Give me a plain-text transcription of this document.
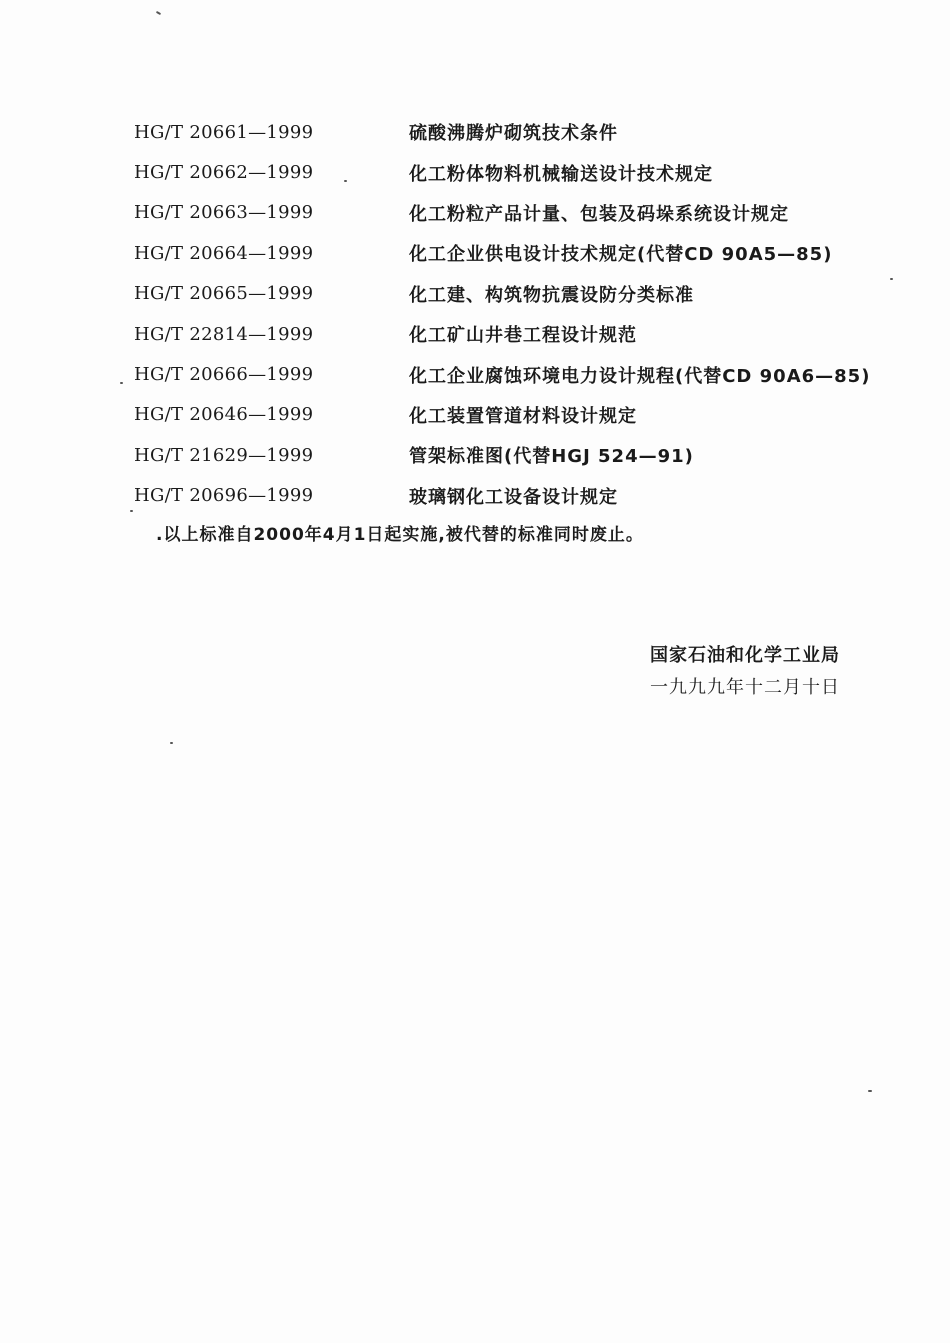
HG/T 20661—1999	硫酸沸腾炉砌筑技术条件
HG/T 20662—1999	化工粉体物料机械输送设计技术规定
HG/T 20663—1999	化工粉粒产品计量、包装及码垛系统设计规定
HG/T 20664—1999	化工企业供电设计技术规定(代替CD 90A5—85)
HG/T 20665—1999	化工建、构筑物抗震设防分类标准
HG/T 22814—1999	化工矿山井巷工程设计规范
HG/T 20666—1999	化工企业腐蚀环境电力设计规程(代替CD 90A6—85)
HG/T 20646—1999	化工装置管道材料设计规定
HG/T 21629—1999	管架标准图(代替HGJ 524—91)
HG/T 20696—1999	玻璃钢化工设备设计规定
.以上标准自2000年4月1日起实施,被代替的标准同时废止。
国家石油和化学工业局
一九九九年十二月十日
